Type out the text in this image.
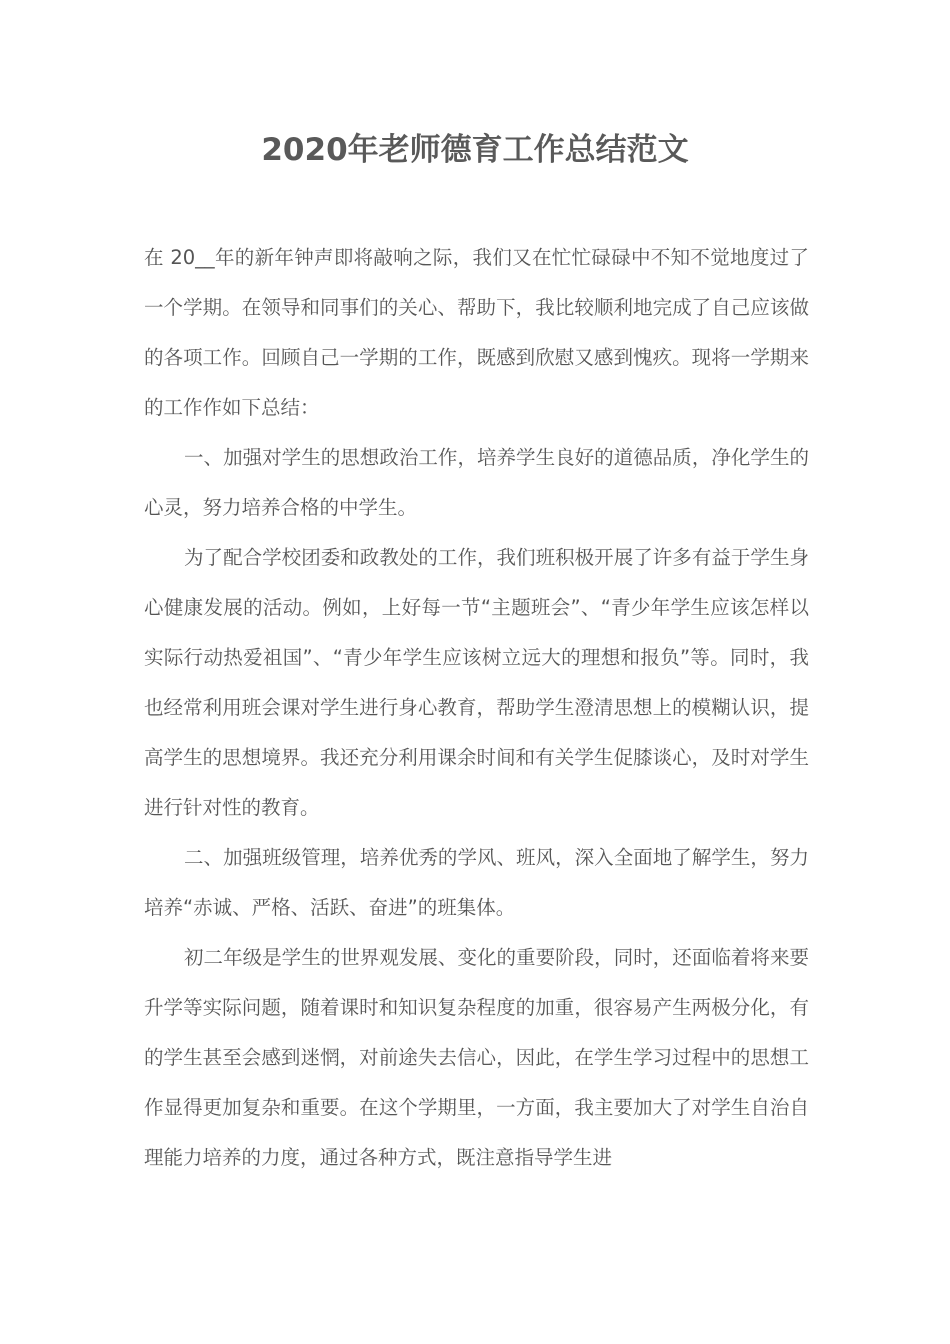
2020年老师德育工作总结范文

在 20__年的新年钟声即将敲响之际，我们又在忙忙碌碌中不知不觉地度过了一个学期。在领导和同事们的关心、帮助下，我比较顺利地完成了自己应该做的各项工作。回顾自己一学期的工作，既感到欣慰又感到愧疚。现将一学期来的工作作如下总结：

一、加强对学生的思想政治工作，培养学生良好的道德品质，净化学生的心灵，努力培养合格的中学生。

为了配合学校团委和政教处的工作，我们班积极开展了许多有益于学生身心健康发展的活动。例如，上好每一节“主题班会”、“青少年学生应该怎样以实际行动热爱祖国”、“青少年学生应该树立远大的理想和报负”等。同时，我也经常利用班会课对学生进行身心教育，帮助学生澄清思想上的模糊认识，提高学生的思想境界。我还充分利用课余时间和有关学生促膝谈心，及时对学生进行针对性的教育。

二、加强班级管理，培养优秀的学风、班风，深入全面地了解学生，努力培养“赤诚、严格、活跃、奋进”的班集体。

初二年级是学生的世界观发展、变化的重要阶段，同时，还面临着将来要升学等实际问题，随着课时和知识复杂程度的加重，很容易产生两极分化，有的学生甚至会感到迷惘，对前途失去信心，因此，在学生学习过程中的思想工作显得更加复杂和重要。在这个学期里，一方面，我主要加大了对学生自治自理能力培养的力度，通过各种方式，既注意指导学生进
